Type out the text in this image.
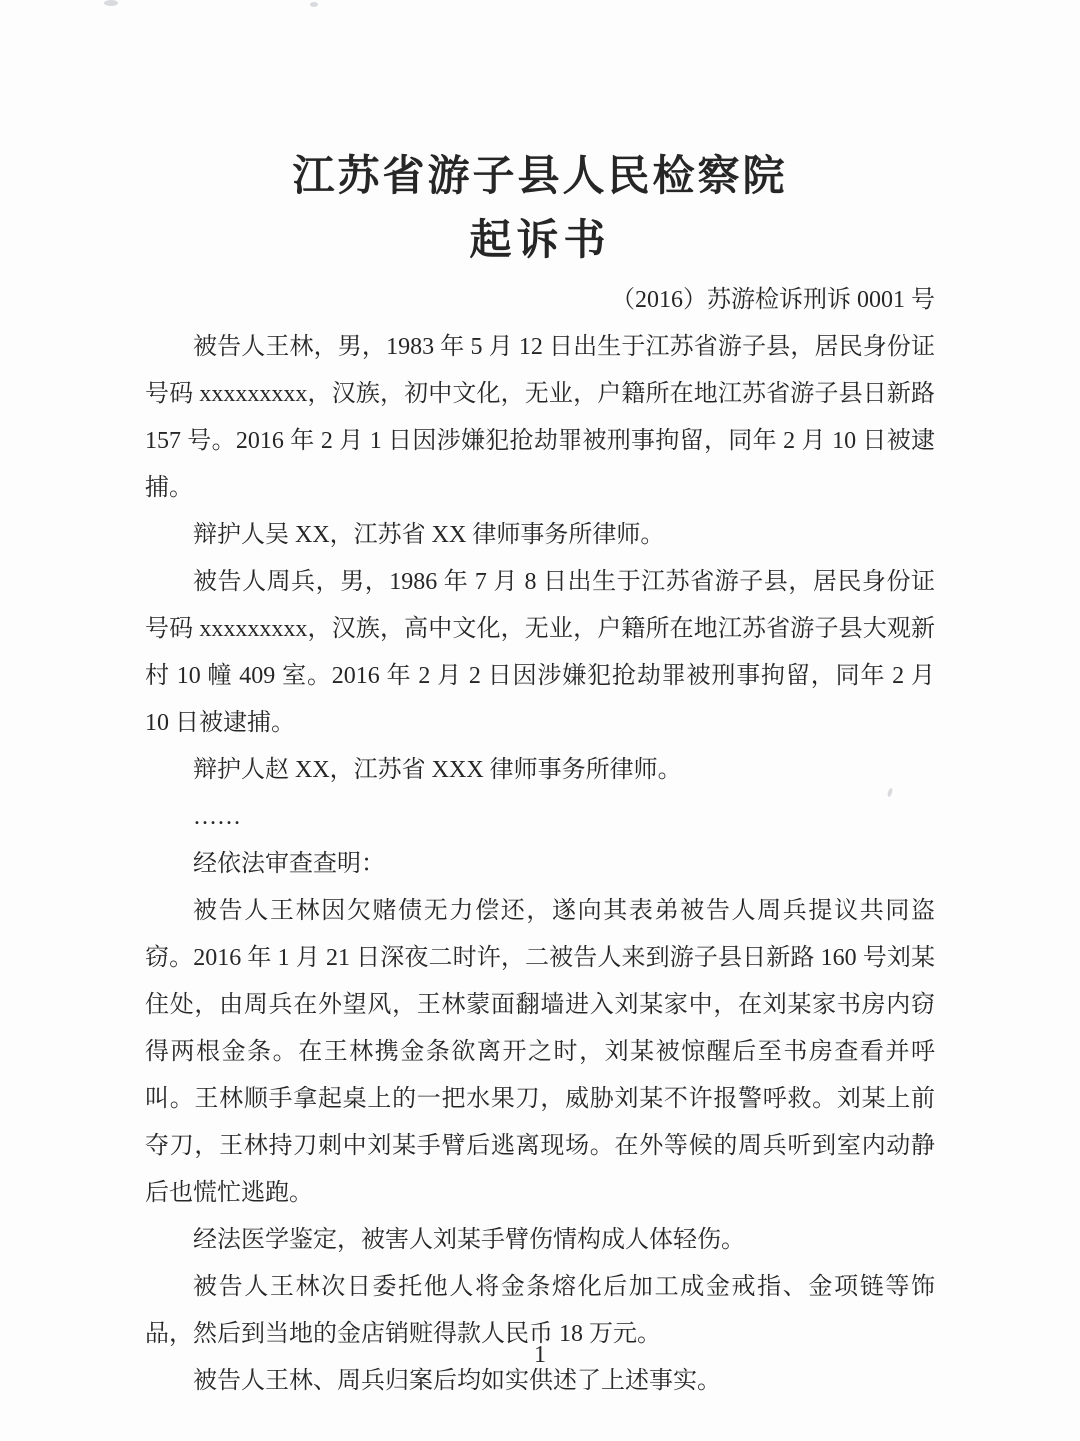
江苏省游子县人民检察院
起诉书
（2016）苏游检诉刑诉 0001 号

被告人王林，男，1983 年 5 月 12 日出生于江苏省游子县，居民身份证号码 xxxxxxxxx，汉族，初中文化，无业，户籍所在地江苏省游子县日新路 157 号。2016 年 2 月 1 日因涉嫌犯抢劫罪被刑事拘留，同年 2 月 10 日被逮捕。

辩护人吴 XX，江苏省 XX 律师事务所律师。

被告人周兵，男，1986 年 7 月 8 日出生于江苏省游子县，居民身份证号码 xxxxxxxxx，汉族，高中文化，无业，户籍所在地江苏省游子县大观新村 10 幢 409 室。2016 年 2 月 2 日因涉嫌犯抢劫罪被刑事拘留，同年 2 月 10 日被逮捕。

辩护人赵 XX，江苏省 XXX 律师事务所律师。

……

经依法审查查明：

被告人王林因欠赌债无力偿还，遂向其表弟被告人周兵提议共同盗窃。2016 年 1 月 21 日深夜二时许，二被告人来到游子县日新路 160 号刘某住处，由周兵在外望风，王林蒙面翻墙进入刘某家中，在刘某家书房内窃得两根金条。在王林携金条欲离开之时，刘某被惊醒后至书房查看并呼叫。王林顺手拿起桌上的一把水果刀，威胁刘某不许报警呼救。刘某上前夺刀，王林持刀刺中刘某手臂后逃离现场。在外等候的周兵听到室内动静后也慌忙逃跑。

经法医学鉴定，被害人刘某手臂伤情构成人体轻伤。

被告人王林次日委托他人将金条熔化后加工成金戒指、金项链等饰品，然后到当地的金店销赃得款人民币 18 万元。

被告人王林、周兵归案后均如实供述了上述事实。

1
